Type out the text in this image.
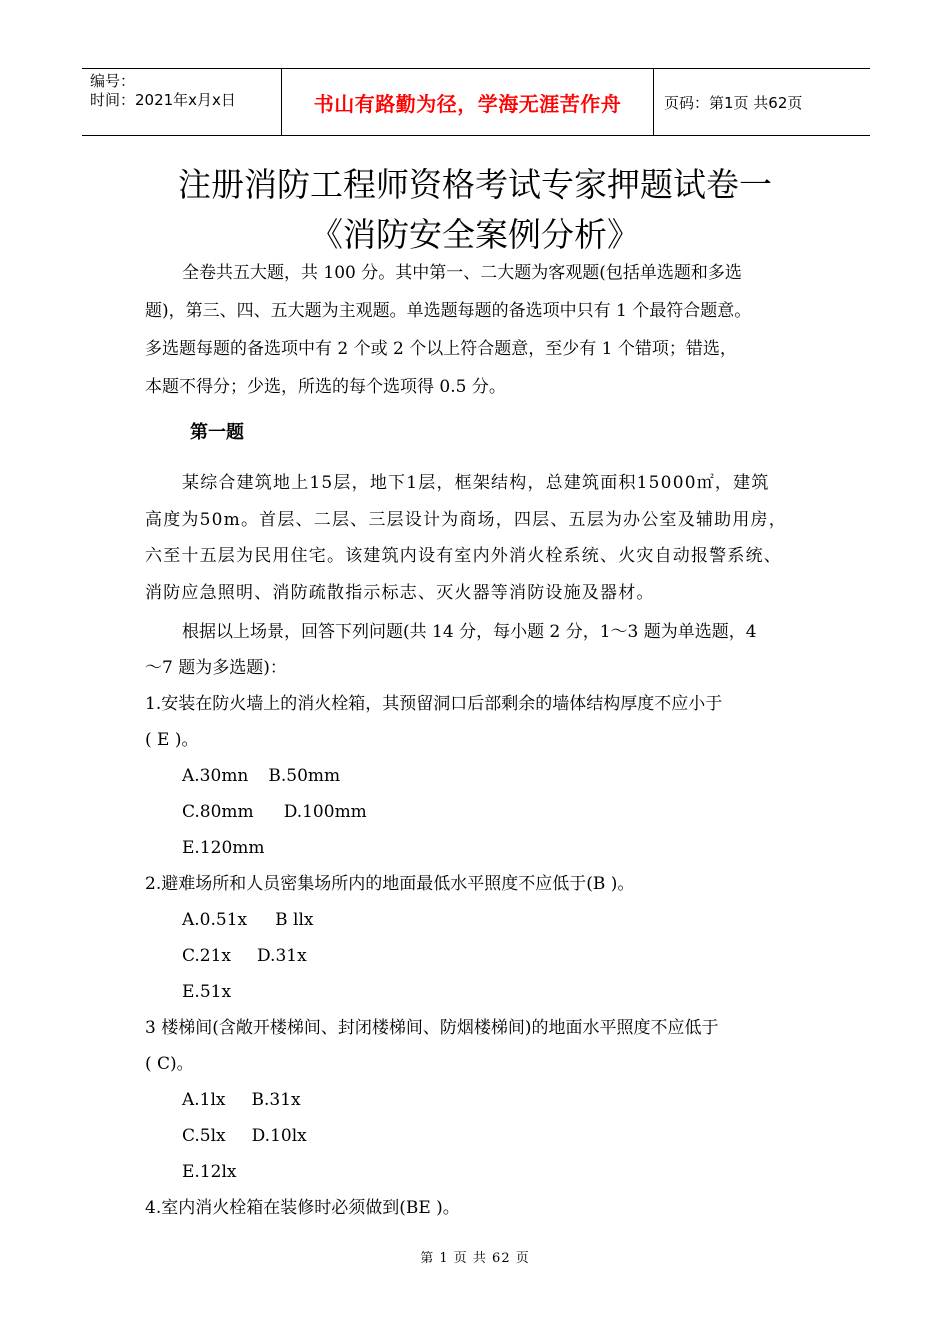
编号：
时间：2021年x月x日	书山有路勤为径，学海无涯苦作舟	页码：第1页 共62页
注册消防工程师资格考试专家押题试卷一
《消防安全案例分析》

全卷共五大题，共 100 分。其中第一、二大题为客观题(包括单选题和多选

题)，第三、四、五大题为主观题。单选题每题的备选项中只有 1 个最符合题意。

多选题每题的备选项中有 2 个或 2 个以上符合题意，至少有 1 个错项；错选，

本题不得分；少选，所选的每个选项得 0.5 分。

第一题

某综合建筑地上15层，地下1层，框架结构，总建筑面积15000㎡，建筑

高度为50m。首层、二层、三层设计为商场，四层、五层为办公室及辅助用房，

六至十五层为民用住宅。该建筑内设有室内外消火栓系统、火灾自动报警系统、

消防应急照明、消防疏散指示标志、灭火器等消防设施及器材。

根据以上场景，回答下列问题(共 14 分，每小题 2 分，1～3 题为单选题，4

～7 题为多选题)：

1.安装在防火墙上的消火栓箱，其预留洞口后部剩余的墙体结构厚度不应小于

( E )。

A.30mn B.50mm

C.80mm D.100mm

E.120mm

2.避难场所和人员密集场所内的地面最低水平照度不应低于(B )。

A.0.51x B llx

C.21x D.31x

E.51x

3 楼梯间(含敞开楼梯间、封闭楼梯间、防烟楼梯间)的地面水平照度不应低于

( C)。

A.1lx B.31x

C.5lx D.10lx

E.12lx

4.室内消火栓箱在装修时必须做到(BE )。

第 1 页 共 62 页
